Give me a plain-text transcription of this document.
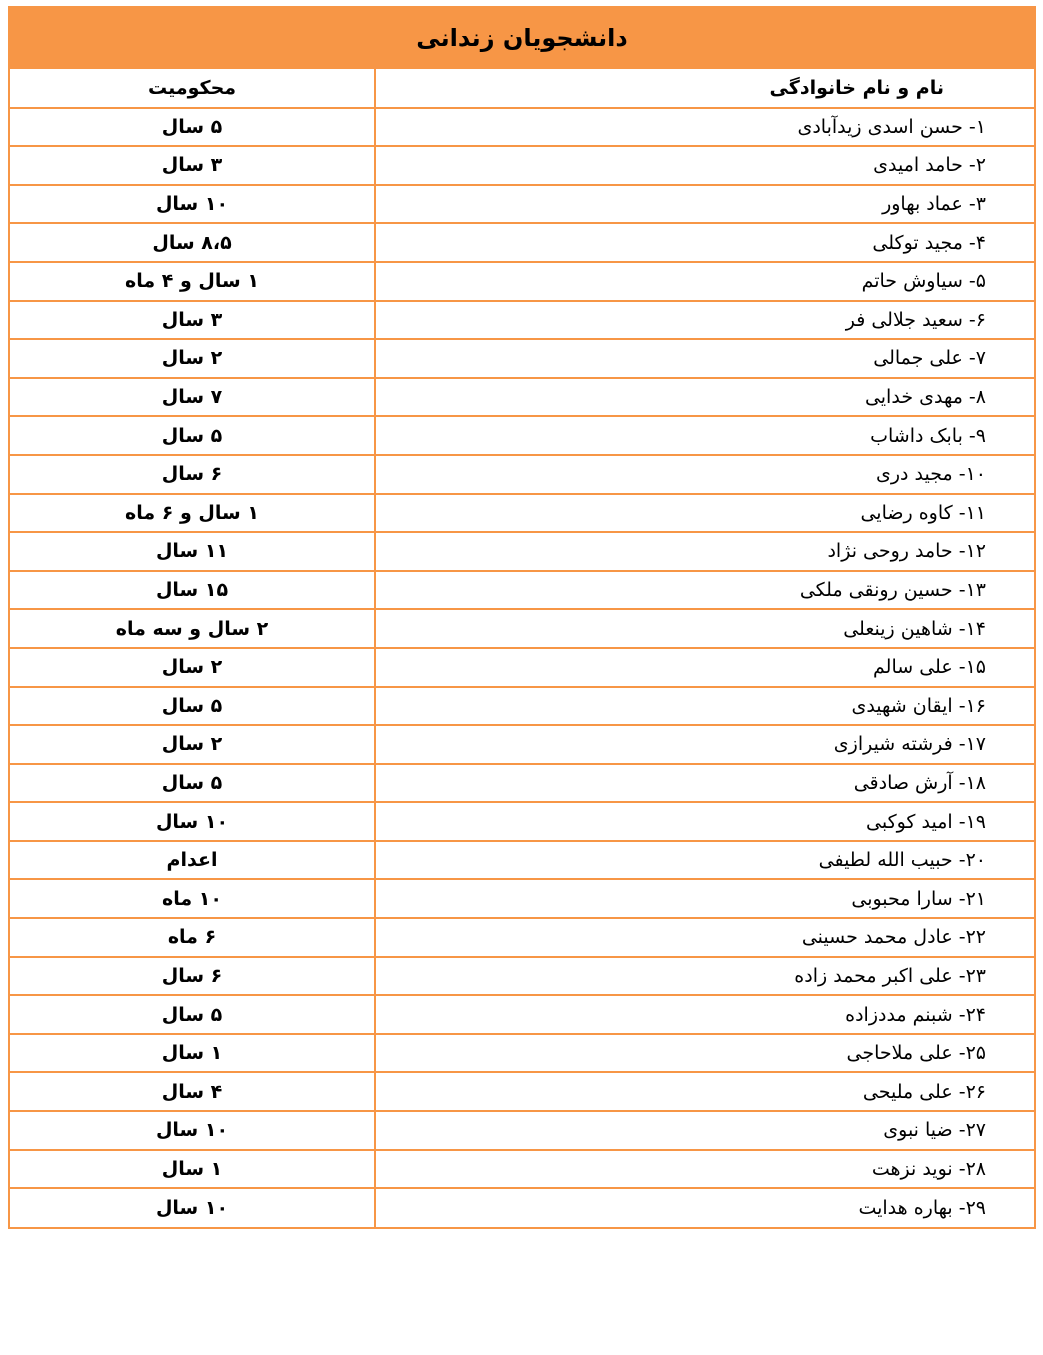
دانشجویان زندانی
نام و نام خانوادگی	محکومیت
۱- حسن اسدی زیدآبادی	۵ سال
۲- حامد امیدی	۳ سال
۳- عماد بهاور	۱۰ سال
۴- مجید توکلی	۸،۵ سال
۵- سیاوش حاتم	۱ سال و ۴ ماه
۶- سعید جلالی فر	۳ سال
۷- علی جمالی	۲ سال
۸- مهدی خدایی	۷ سال
۹- بابک داشاب	۵ سال
۱۰- مجید دری	۶ سال
۱۱- کاوه رضایی	۱ سال و ۶ ماه
۱۲- حامد روحی نژاد	۱۱ سال
۱۳- حسین رونقی ملکی	۱۵ سال
۱۴- شاهین زینعلی	۲ سال و سه ماه
۱۵- علی سالم	۲ سال
۱۶- ایقان شهیدی	۵ سال
۱۷- فرشته شیرازی	۲ سال
۱۸- آرش صادقی	۵ سال
۱۹- امید کوکبی	۱۰ سال
۲۰- حبیب الله لطیفی	اعدام
۲۱- سارا محبوبی	۱۰ ماه
۲۲- عادل محمد حسینی	۶ ماه
۲۳- علی اکبر محمد زاده	۶ سال
۲۴- شبنم مددزاده	۵ سال
۲۵- علی ملاحاجی	۱ سال
۲۶- علی ملیحی	۴ سال
۲۷- ضیا نبوی	۱۰ سال
۲۸- نوید نزهت	۱ سال
۲۹- بهاره هدایت	۱۰ سال
